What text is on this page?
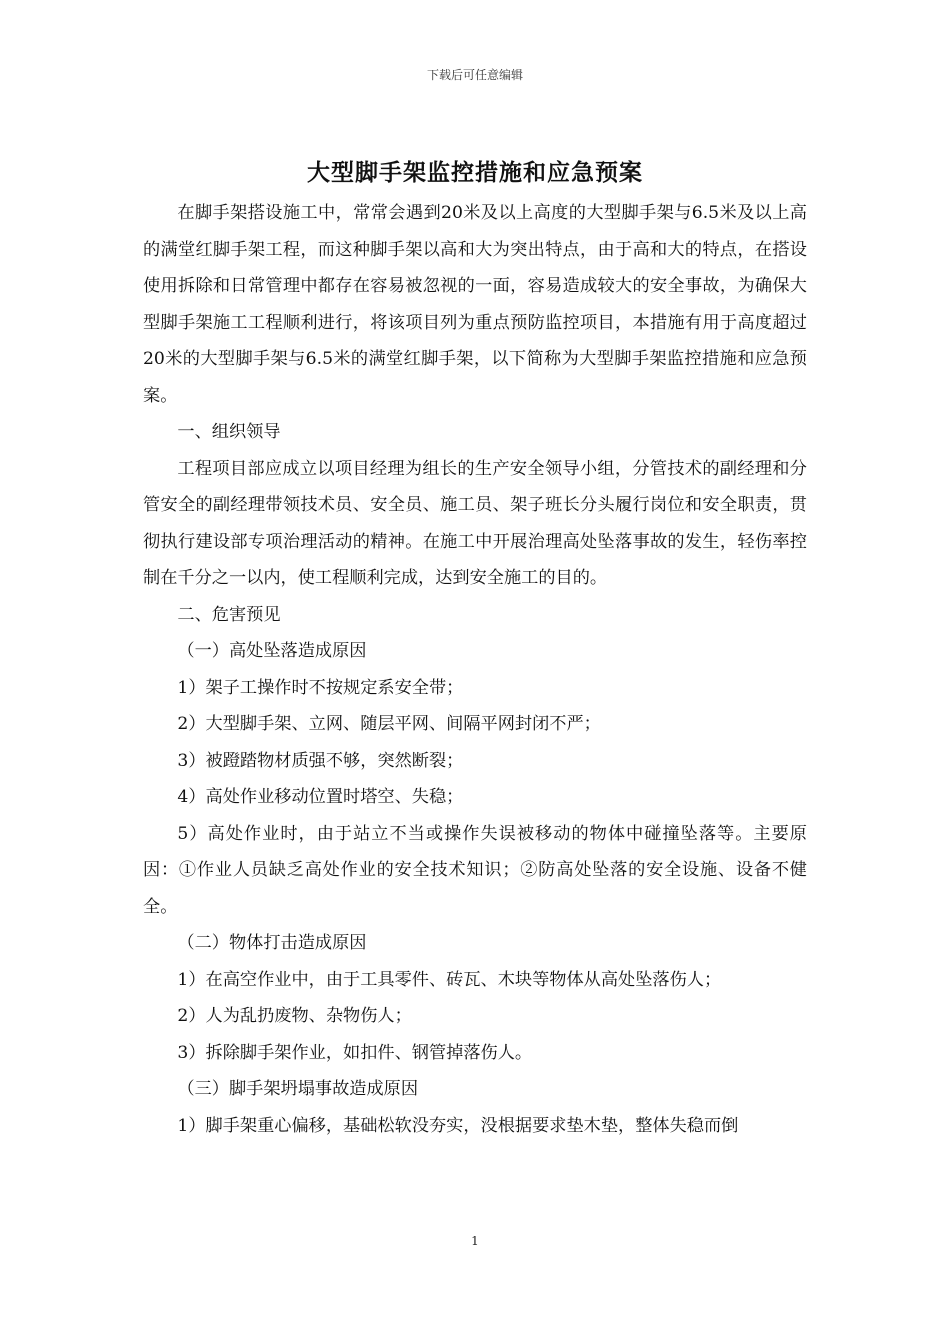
下载后可任意编辑
大型脚手架监控措施和应急预案

在脚手架搭设施工中，常常会遇到20米及以上高度的大型脚手架与6.5米及以上高的满堂红脚手架工程，而这种脚手架以高和大为突出特点，由于高和大的特点，在搭设使用拆除和日常管理中都存在容易被忽视的一面，容易造成较大的安全事故，为确保大型脚手架施工工程顺利进行，将该项目列为重点预防监控项目，本措施有用于高度超过20米的大型脚手架与6.5米的满堂红脚手架，以下简称为大型脚手架监控措施和应急预案。

一、组织领导

工程项目部应成立以项目经理为组长的生产安全领导小组，分管技术的副经理和分管安全的副经理带领技术员、安全员、施工员、架子班长分头履行岗位和安全职责，贯彻执行建设部专项治理活动的精神。在施工中开展治理高处坠落事故的发生，轻伤率控制在千分之一以内，使工程顺利完成，达到安全施工的目的。

二、危害预见

（一）高处坠落造成原因

1）架子工操作时不按规定系安全带；

2）大型脚手架、立网、随层平网、间隔平网封闭不严；

3）被蹬踏物材质强不够，突然断裂；

4）高处作业移动位置时塔空、失稳；

5）高处作业时，由于站立不当或操作失误被移动的物体中碰撞坠落等。主要原因：①作业人员缺乏高处作业的安全技术知识；②防高处坠落的安全设施、设备不健全。

（二）物体打击造成原因

1）在高空作业中，由于工具零件、砖瓦、木块等物体从高处坠落伤人；

2）人为乱扔废物、杂物伤人；

3）拆除脚手架作业，如扣件、钢管掉落伤人。

（三）脚手架坍塌事故造成原因

1）脚手架重心偏移，基础松软没夯实，没根据要求垫木垫，整体失稳而倒

1
